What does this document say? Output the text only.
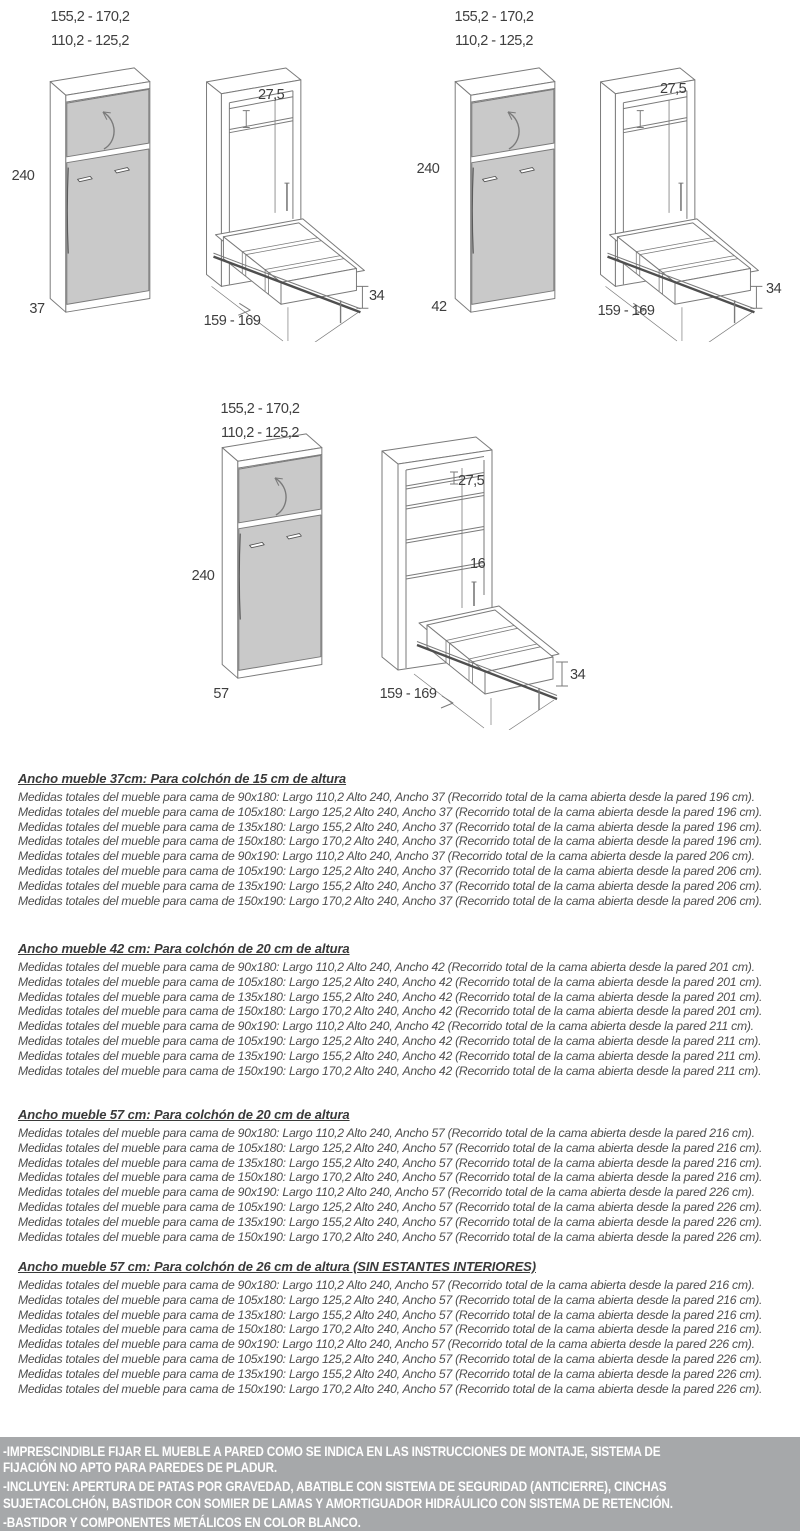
155,2 - 170,2
110,2 - 125,2
240
37
27,5
34
159 - 169
155,2 - 170,2
110,2 - 125,2
240
42
27,5
34
159 - 169
155,2 - 170,2
110,2 - 125,2
240
57
27,5
16
34
159 - 169
Ancho mueble 37cm: Para colchón de 15 cm de altura
Medidas totales del mueble para cama de 90x180: Largo 110,2 Alto 240, Ancho 37 (Recorrido total de la cama abierta desde la pared 196 cm).
Medidas totales del mueble para cama de 105x180: Largo 125,2 Alto 240, Ancho 37 (Recorrido total de la cama abierta desde la pared 196 cm).
Medidas totales del mueble para cama de 135x180: Largo 155,2 Alto 240, Ancho 37 (Recorrido total de la cama abierta desde la pared 196 cm).
Medidas totales del mueble para cama de 150x180: Largo 170,2 Alto 240, Ancho 37 (Recorrido total de la cama abierta desde la pared 196 cm).
Medidas totales del mueble para cama de 90x190: Largo 110,2 Alto 240, Ancho 37 (Recorrido total de la cama abierta desde la pared 206 cm).
Medidas totales del mueble para cama de 105x190: Largo 125,2 Alto 240, Ancho 37 (Recorrido total de la cama abierta desde la pared 206 cm).
Medidas totales del mueble para cama de 135x190: Largo 155,2 Alto 240, Ancho 37 (Recorrido total de la cama abierta desde la pared 206 cm).
Medidas totales del mueble para cama de 150x190: Largo 170,2 Alto 240, Ancho 37 (Recorrido total de la cama abierta desde la pared 206 cm).
Ancho mueble 42 cm: Para colchón de 20 cm de altura
Medidas totales del mueble para cama de 90x180: Largo 110,2 Alto 240, Ancho 42 (Recorrido total de la cama abierta desde la pared 201 cm).
Medidas totales del mueble para cama de 105x180: Largo 125,2 Alto 240, Ancho 42 (Recorrido total de la cama abierta desde la pared 201 cm).
Medidas totales del mueble para cama de 135x180: Largo 155,2 Alto 240, Ancho 42 (Recorrido total de la cama abierta desde la pared 201 cm).
Medidas totales del mueble para cama de 150x180: Largo 170,2 Alto 240, Ancho 42 (Recorrido total de la cama abierta desde la pared 201 cm).
Medidas totales del mueble para cama de 90x190: Largo 110,2 Alto 240, Ancho 42 (Recorrido total de la cama abierta desde la pared 211 cm).
Medidas totales del mueble para cama de 105x190: Largo 125,2 Alto 240, Ancho 42 (Recorrido total de la cama abierta desde la pared 211 cm).
Medidas totales del mueble para cama de 135x190: Largo 155,2 Alto 240, Ancho 42 (Recorrido total de la cama abierta desde la pared 211 cm).
Medidas totales del mueble para cama de 150x190: Largo 170,2 Alto 240, Ancho 42 (Recorrido total de la cama abierta desde la pared 211 cm).
Ancho mueble 57 cm: Para colchón de 20 cm de altura
Medidas totales del mueble para cama de 90x180: Largo 110,2 Alto 240, Ancho 57 (Recorrido total de la cama abierta desde la pared 216 cm).
Medidas totales del mueble para cama de 105x180: Largo 125,2 Alto 240, Ancho 57 (Recorrido total de la cama abierta desde la pared 216 cm).
Medidas totales del mueble para cama de 135x180: Largo 155,2 Alto 240, Ancho 57 (Recorrido total de la cama abierta desde la pared 216 cm).
Medidas totales del mueble para cama de 150x180: Largo 170,2 Alto 240, Ancho 57 (Recorrido total de la cama abierta desde la pared 216 cm).
Medidas totales del mueble para cama de 90x190: Largo 110,2 Alto 240, Ancho 57 (Recorrido total de la cama abierta desde la pared 226 cm).
Medidas totales del mueble para cama de 105x190: Largo 125,2 Alto 240, Ancho 57 (Recorrido total de la cama abierta desde la pared 226 cm).
Medidas totales del mueble para cama de 135x190: Largo 155,2 Alto 240, Ancho 57 (Recorrido total de la cama abierta desde la pared 226 cm).
Medidas totales del mueble para cama de 150x190: Largo 170,2 Alto 240, Ancho 57 (Recorrido total de la cama abierta desde la pared 226 cm).
Ancho mueble 57 cm: Para colchón de 26 cm de altura (SIN ESTANTES INTERIORES)
Medidas totales del mueble para cama de 90x180: Largo 110,2 Alto 240, Ancho 57 (Recorrido total de la cama abierta desde la pared 216 cm).
Medidas totales del mueble para cama de 105x180: Largo 125,2 Alto 240, Ancho 57 (Recorrido total de la cama abierta desde la pared 216 cm).
Medidas totales del mueble para cama de 135x180: Largo 155,2 Alto 240, Ancho 57 (Recorrido total de la cama abierta desde la pared 216 cm).
Medidas totales del mueble para cama de 150x180: Largo 170,2 Alto 240, Ancho 57 (Recorrido total de la cama abierta desde la pared 216 cm).
Medidas totales del mueble para cama de 90x190: Largo 110,2 Alto 240, Ancho 57 (Recorrido total de la cama abierta desde la pared 226 cm).
Medidas totales del mueble para cama de 105x190: Largo 125,2 Alto 240, Ancho 57 (Recorrido total de la cama abierta desde la pared 226 cm).
Medidas totales del mueble para cama de 135x190: Largo 155,2 Alto 240, Ancho 57 (Recorrido total de la cama abierta desde la pared 226 cm).
Medidas totales del mueble para cama de 150x190: Largo 170,2 Alto 240, Ancho 57 (Recorrido total de la cama abierta desde la pared 226 cm).
-IMPRESCINDIBLE FIJAR EL MUEBLE A PARED COMO SE INDICA EN LAS INSTRUCCIONES DE MONTAJE, SISTEMA DE
FIJACIÓN NO APTO PARA PAREDES DE PLADUR.
-INCLUYEN: APERTURA DE PATAS POR GRAVEDAD, ABATIBLE CON SISTEMA DE SEGURIDAD (ANTICIERRE), CINCHAS
SUJETACOLCHÓN, BASTIDOR CON SOMIER DE LAMAS Y AMORTIGUADOR HIDRÁULICO CON SISTEMA DE RETENCIÓN.
-BASTIDOR Y COMPONENTES METÁLICOS EN COLOR BLANCO.
